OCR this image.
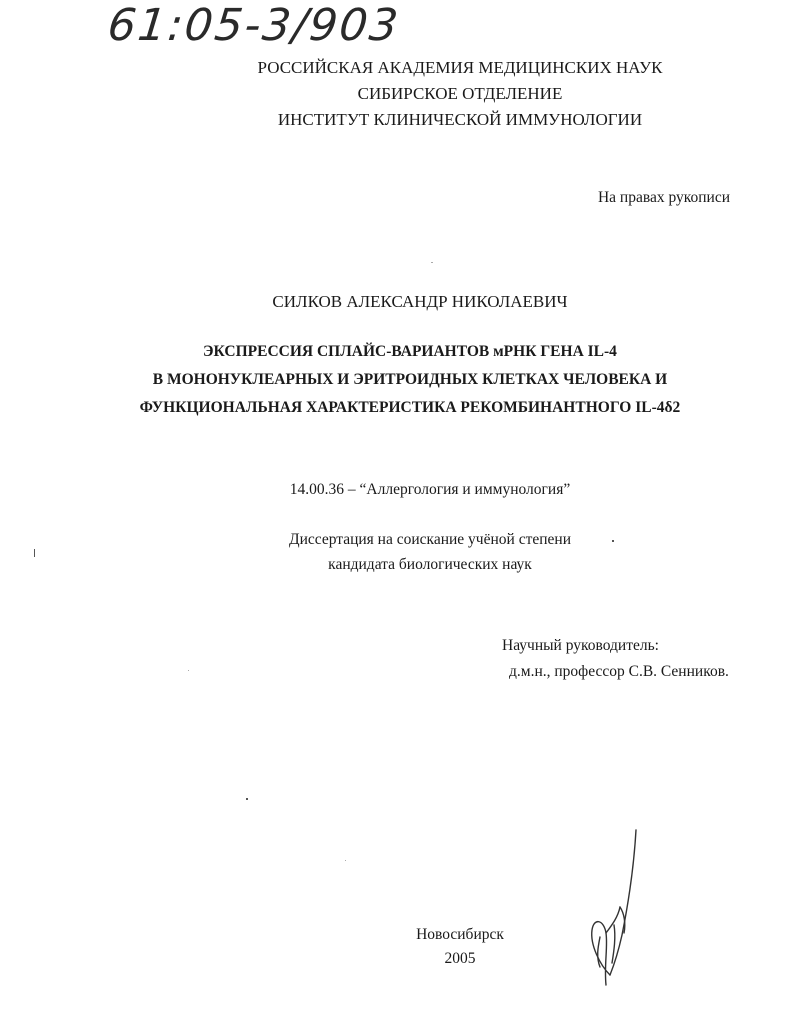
61:05-3/903
РОССИЙСКАЯ АКАДЕМИЯ МЕДИЦИНСКИХ НАУК
СИБИРСКОЕ ОТДЕЛЕНИЕ
ИНСТИТУТ КЛИНИЧЕСКОЙ ИММУНОЛОГИИ
На правах рукописи
СИЛКОВ АЛЕКСАНДР НИКОЛАЕВИЧ
ЭКСПРЕССИЯ СПЛАЙС-ВАРИАНТОВ мРНК ГЕНА IL-4
В МОНОНУКЛЕАРНЫХ И ЭРИТРОИДНЫХ КЛЕТКАХ ЧЕЛОВЕКА И
ФУНКЦИОНАЛЬНАЯ ХАРАКТЕРИСТИКА РЕКОМБИНАНТНОГО IL-4δ2
14.00.36 – “Аллергология и иммунология”
Диссертация на соискание учёной степени
кандидата биологических наук
Научный руководитель:
д.м.н., профессор С.В. Сенников.
Новосибирск
2005
